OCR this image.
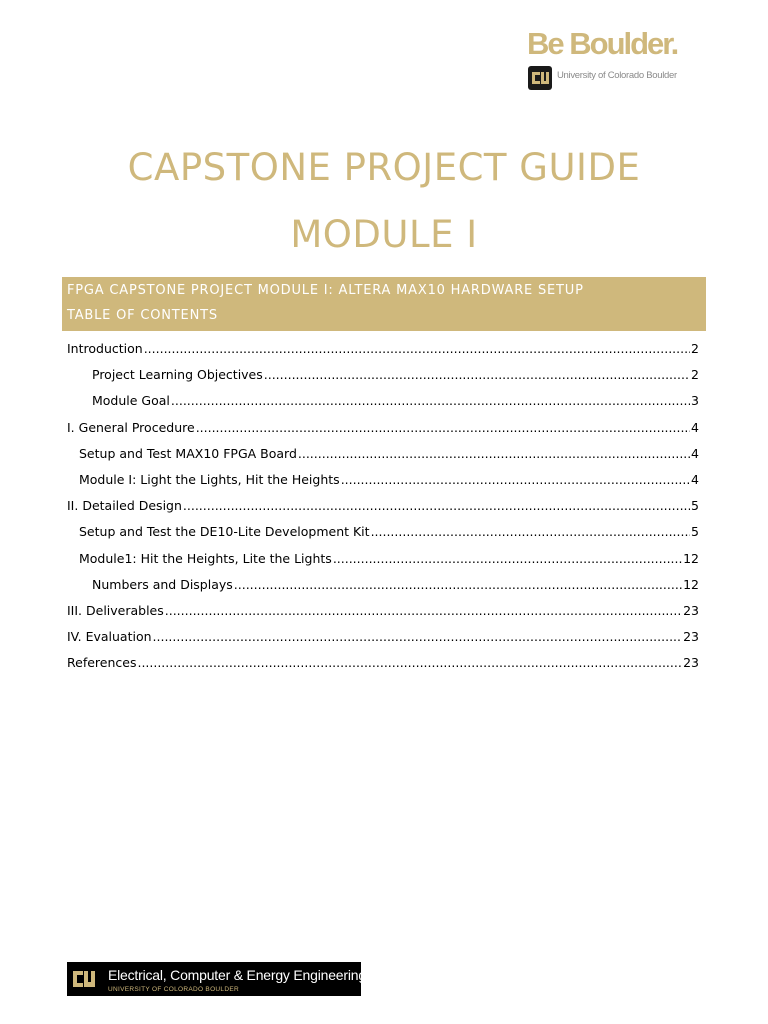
Be Boulder.
University of Colorado Boulder
CAPSTONE PROJECT GUIDE
MODULE I
FPGA CAPSTONE PROJECT MODULE I: ALTERA MAX10 HARDWARE SETUP
TABLE OF CONTENTS
Introduction .....	2
Project Learning Objectives .....	2
Module Goal .....	3
I. General Procedure .....	4
Setup and Test MAX10 FPGA Board .....	4
Module I: Light the Lights, Hit the Heights .....	4
II. Detailed Design .....	5
Setup and Test the DE10-Lite Development Kit .....	5
Module1: Hit the Heights, Lite the Lights .....	12
Numbers and Displays .....	12
III. Deliverables .....	23
IV. Evaluation .....	23
References .....	23
Electrical, Computer & Energy Engineering
UNIVERSITY OF COLORADO BOULDER
